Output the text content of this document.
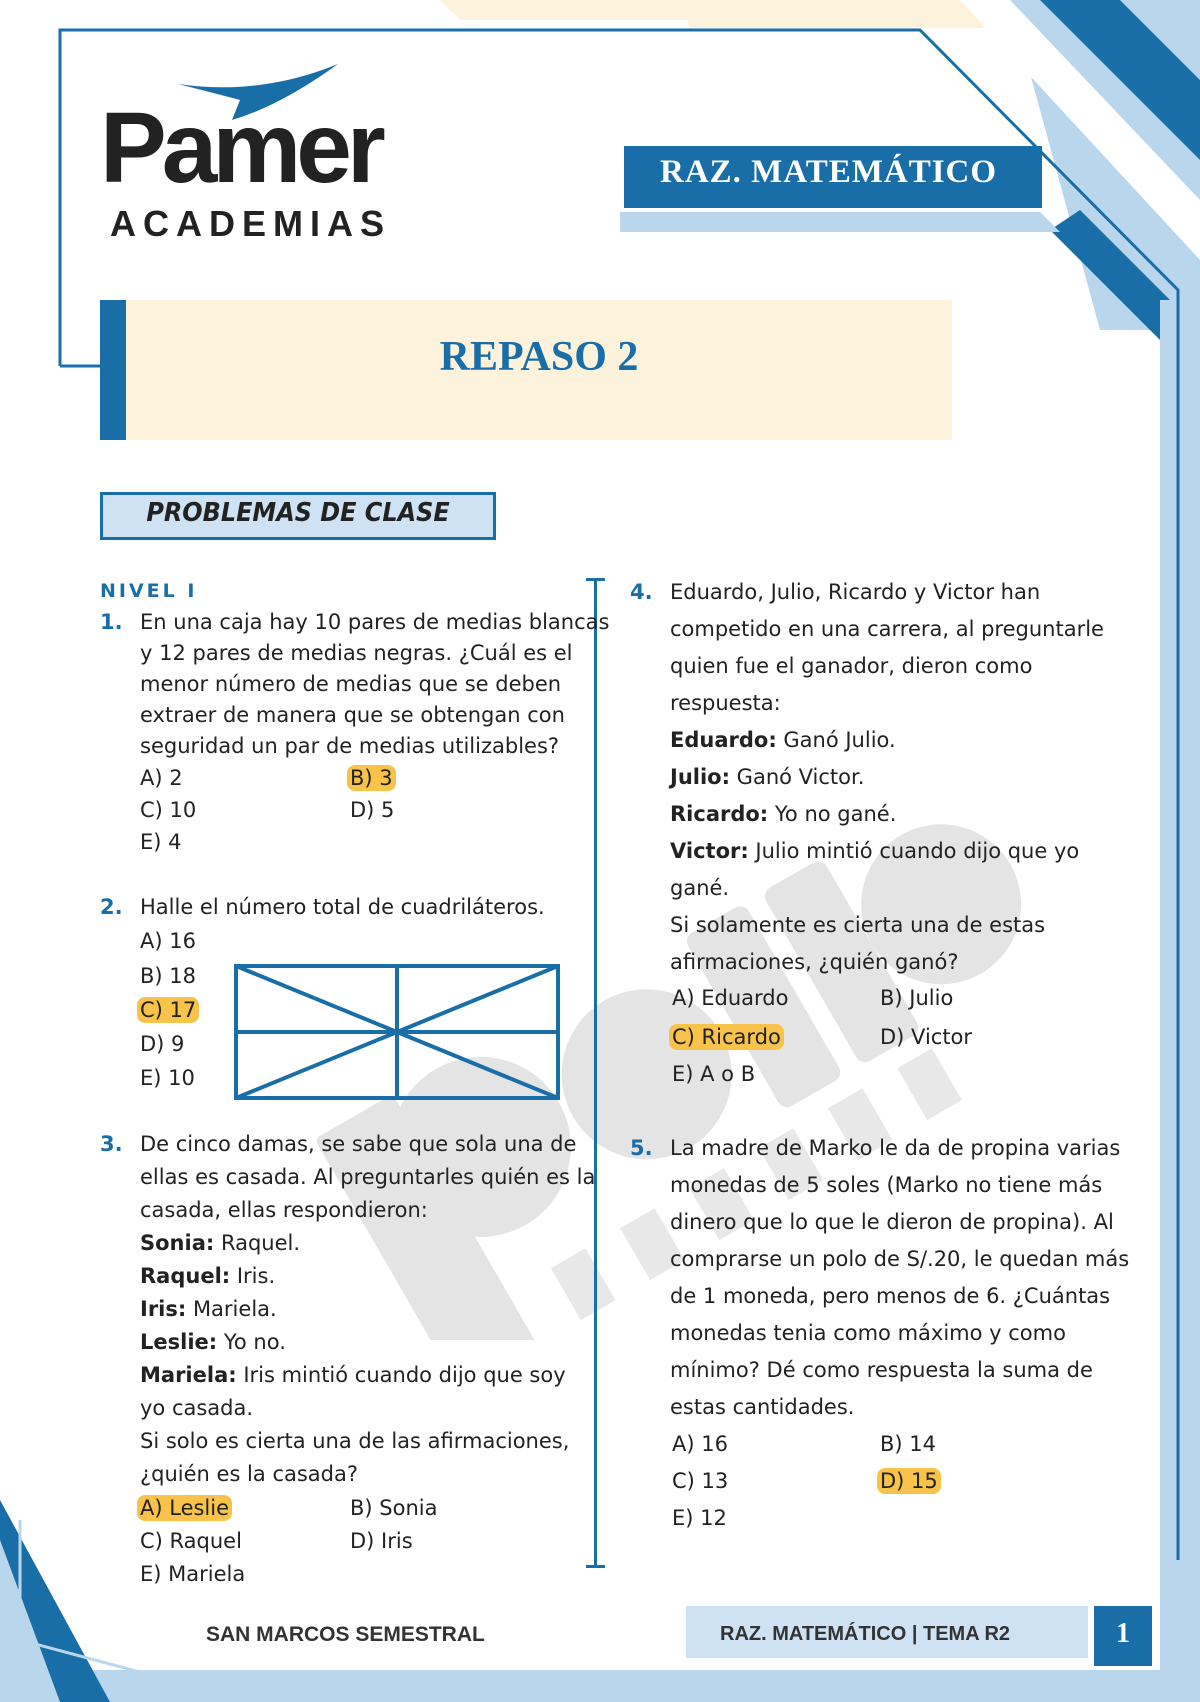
Pamer
ACADEMIAS
RAZ. MATEMÁTICO
REPASO 2
PROBLEMAS DE CLASE
NIVEL I
1. En una caja hay 10 pares de medias blancas
y 12 pares de medias negras. ¿Cuál es el
menor número de medias que se deben
extraer de manera que se obtengan con
seguridad un par de medias utilizables?
A) 2	B) 3
C) 10	D) 5
E) 4
2. Halle el número total de cuadriláteros.
A) 16
B) 18
C) 17
D) 9
E) 10
3. De cinco damas, se sabe que sola una de
ellas es casada. Al preguntarles quién es la
casada, ellas respondieron:
Sonia: Raquel.
Raquel: Iris.
Iris: Mariela.
Leslie: Yo no.
Mariela: Iris mintió cuando dijo que soy
yo casada.
Si solo es cierta una de las afirmaciones,
¿quién es la casada?
A) Leslie	B) Sonia
C) Raquel	D) Iris
E) Mariela
4. Eduardo, Julio, Ricardo y Victor han
competido en una carrera, al preguntarle
quien fue el ganador, dieron como
respuesta:
Eduardo: Ganó Julio.
Julio: Ganó Victor.
Ricardo: Yo no gané.
Victor: Julio mintió cuando dijo que yo
gané.
Si solamente es cierta una de estas
afirmaciones, ¿quién ganó?
A) Eduardo	B) Julio
C) Ricardo	D) Victor
E) A o B
5. La madre de Marko le da de propina varias
monedas de 5 soles (Marko no tiene más
dinero que lo que le dieron de propina). Al
comprarse un polo de S/.20, le quedan más
de 1 moneda, pero menos de 6. ¿Cuántas
monedas tenia como máximo y como
mínimo? Dé como respuesta la suma de
estas cantidades.
A) 16	B) 14
C) 13	D) 15
E) 12
SAN MARCOS SEMESTRAL	RAZ. MATEMÁTICO | TEMA R2	1
